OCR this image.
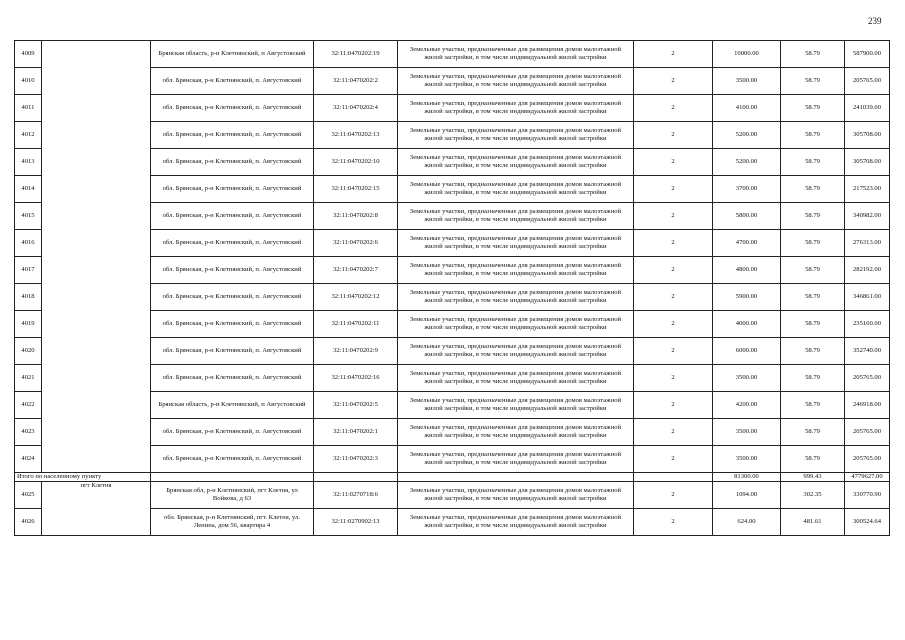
239
4009		Брянская область, р-н Клетнянский, п Августовский	32:11:0470202:19	Земельные участки, предназначенные для размещения домов малоэтажной жилой застройки, в том числе индивидуальной жилой застройки	2	10000.00	58.79	587900.00
4010		обл. Брянская, р-н Клетнянский, п. Августовский	32:11:0470202:2	Земельные участки, предназначенные для размещения домов малоэтажной жилой застройки, в том числе индивидуальной жилой застройки	2	3500.00	58.79	205765.00
4011		обл. Брянская, р-н Клетнянский, п. Августовский	32:11:0470202:4	Земельные участки, предназначенные для размещения домов малоэтажной жилой застройки, в том числе индивидуальной жилой застройки	2	4100.00	58.79	241039.00
4012		обл. Брянская, р-н Клетнянский, п. Августовский	32:11:0470202:13	Земельные участки, предназначенные для размещения домов малоэтажной жилой застройки, в том числе индивидуальной жилой застройки	2	5200.00	58.79	305708.00
4013		обл. Брянская, р-н Клетнянский, п. Августовский	32:11:0470202:10	Земельные участки, предназначенные для размещения домов малоэтажной жилой застройки, в том числе индивидуальной жилой застройки	2	5200.00	58.79	305708.00
4014		обл. Брянская, р-н Клетнянский, п. Августовский	32:11:0470202:15	Земельные участки, предназначенные для размещения домов малоэтажной жилой застройки, в том числе индивидуальной жилой застройки	2	3700.00	58.79	217523.00
4015		обл. Брянская, р-н Клетнянский, п. Августовский	32:11:0470202:8	Земельные участки, предназначенные для размещения домов малоэтажной жилой застройки, в том числе индивидуальной жилой застройки	2	5800.00	58.79	340982.00
4016		обл. Брянская, р-н Клетнянский, п. Августовский	32:11:0470202:6	Земельные участки, предназначенные для размещения домов малоэтажной жилой застройки, в том числе индивидуальной жилой застройки	2	4700.00	58.79	276313.00
4017		обл. Брянская, р-н Клетнянский, п. Августовский	32:11:0470202:7	Земельные участки, предназначенные для размещения домов малоэтажной жилой застройки, в том числе индивидуальной жилой застройки	2	4800.00	58.79	282192.00
4018		обл. Брянская, р-н Клетнянский, п. Августовский	32:11:0470202:12	Земельные участки, предназначенные для размещения домов малоэтажной жилой застройки, в том числе индивидуальной жилой застройки	2	5900.00	58.79	346861.00
4019		обл. Брянская, р-н Клетнянский, п. Августовский	32:11:0470202:11	Земельные участки, предназначенные для размещения домов малоэтажной жилой застройки, в том числе индивидуальной жилой застройки	2	4000.00	58.79	235160.00
4020		обл. Брянская, р-н Клетнянский, п. Августовский	32:11:0470202:9	Земельные участки, предназначенные для размещения домов малоэтажной жилой застройки, в том числе индивидуальной жилой застройки	2	6000.00	58.79	352740.00
4021		обл. Брянская, р-н Клетнянский, п. Августовский	32:11:0470202:16	Земельные участки, предназначенные для размещения домов малоэтажной жилой застройки, в том числе индивидуальной жилой застройки	2	3500.00	58.79	205765.00
4022		Брянская область, р-н Клетнянский, п Августовский	32:11:0470202:5	Земельные участки, предназначенные для размещения домов малоэтажной жилой застройки, в том числе индивидуальной жилой застройки	2	4200.00	58.79	246918.00
4023		обл. Брянская, р-н Клетнянский, п. Августовский	32:11:0470202:1	Земельные участки, предназначенные для размещения домов малоэтажной жилой застройки, в том числе индивидуальной жилой застройки	2	3500.00	58.79	205765.00
4024		обл. Брянская, р-н Клетнянский, п. Августовский	32:11:0470202:3	Земельные участки, предназначенные для размещения домов малоэтажной жилой застройки, в том числе индивидуальной жилой застройки	2	3500.00	58.79	205765.00
Итого по населенному пункту						81300.00	999.43	4779627.00
4025	пгт Клетня	Брянская обл, р-н Клетнянский, пгт Клетня, ул Войкова, д 63	32:11:0270718:6	Земельные участки, предназначенные для размещения домов малоэтажной жилой застройки, в том числе индивидуальной жилой застройки	2	1094.00	302.35	330770.90
4026		обл. Брянская, р-н Клетнянский, пгт. Клетня, ул. Ленина, дом 56, квартира 4	32:11:0270902:13	Земельные участки, предназначенные для размещения домов малоэтажной жилой застройки, в том числе индивидуальной жилой застройки	2	624.00	481.61	300524.64
